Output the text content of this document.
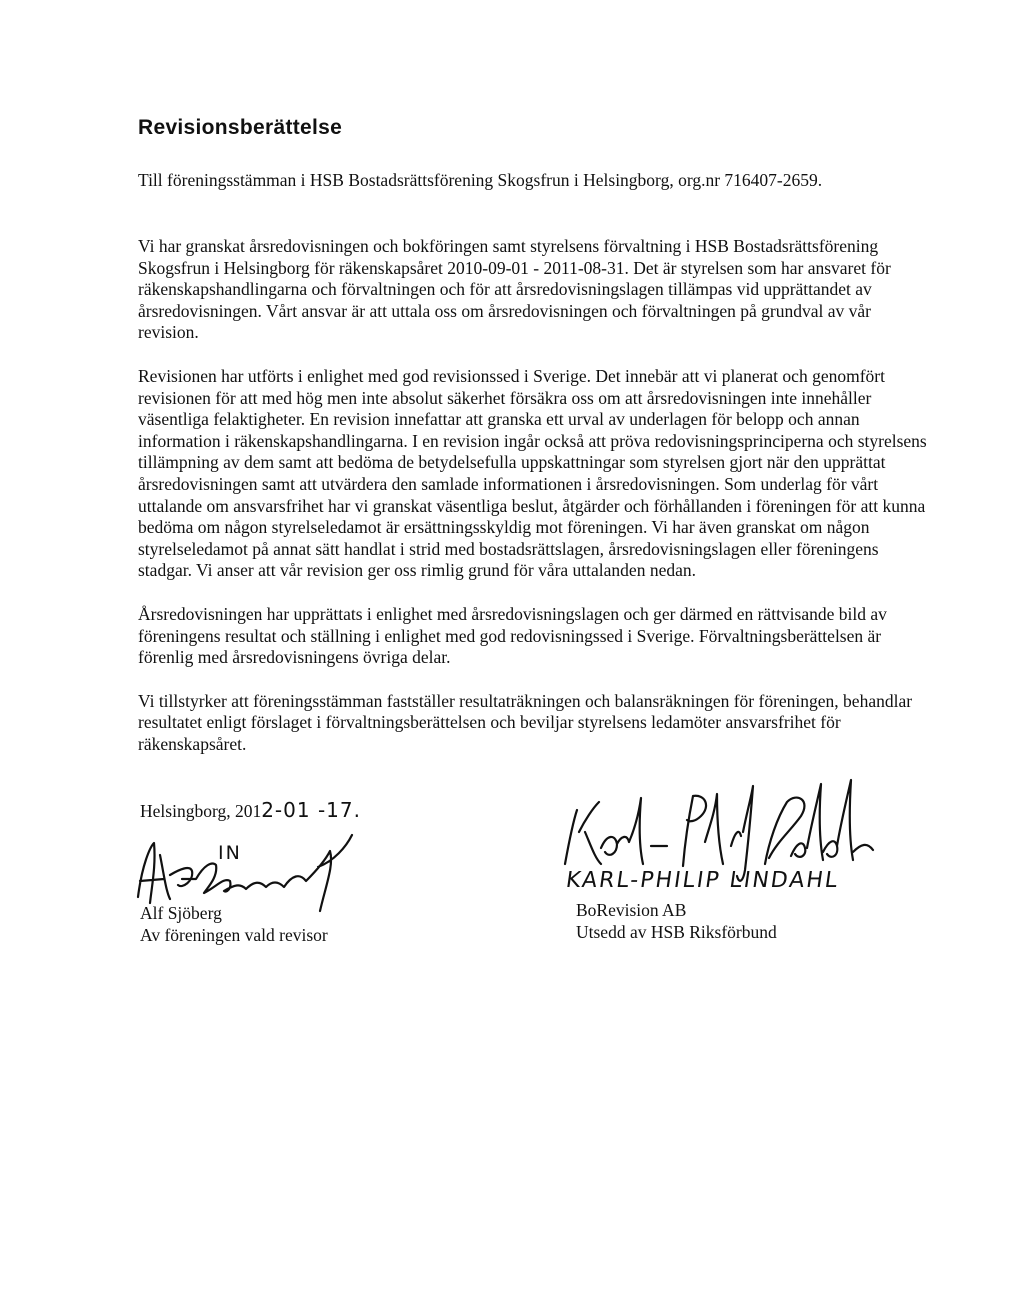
Revisionsberättelse
Till föreningsstämman i HSB Bostadsrättsförening Skogsfrun i Helsingborg, org.nr 716407-2659.

Vi har granskat årsredovisningen och bokföringen samt styrelsens förvaltning i HSB Bostadsrättsförening Skogsfrun i Helsingborg för räkenskapsåret 2010-09-01 - 2011-08-31. Det är styrelsen som har ansvaret för räkenskapshandlingarna och förvaltningen och för att årsredovisningslagen tillämpas vid upprättandet av årsredovisningen. Vårt ansvar är att uttala oss om årsredovisningen och förvaltningen på grundval av vår revision.

Revisionen har utförts i enlighet med god revisionssed i Sverige. Det innebär att vi planerat och genomfört revisionen för att med hög men inte absolut säkerhet försäkra oss om att årsredovisningen inte innehåller väsentliga felaktigheter. En revision innefattar att granska ett urval av underlagen för belopp och annan information i räkenskapshandlingarna. I en revision ingår också att pröva redovisningsprinciperna och styrelsens tillämpning av dem samt att bedöma de betydelsefulla uppskattningar som styrelsen gjort när den upprättat årsredovisningen samt att utvärdera den samlade informationen i årsredovisningen. Som underlag för vårt uttalande om ansvarsfrihet har vi granskat väsentliga beslut, åtgärder och förhållanden i föreningen för att kunna bedöma om någon styrelseledamot är ersättningsskyldig mot föreningen. Vi har även granskat om någon styrelseledamot på annat sätt handlat i strid med bostadsrättslagen, årsredovisningslagen eller föreningens stadgar. Vi anser att vår revision ger oss rimlig grund för våra uttalanden nedan.

Årsredovisningen har upprättats i enlighet med årsredovisningslagen och ger därmed en rättvisande bild av föreningens resultat och ställning i enlighet med god redovisningssed i Sverige. Förvaltningsberättelsen är förenlig med årsredovisningens övriga delar.

Vi tillstyrker att föreningsstämman fastställer resultaträkningen och balansräkningen för föreningen, behandlar resultatet enligt förslaget i förvaltningsberättelsen och beviljar styrelsens ledamöter ansvarsfrihet för räkenskapsåret.

Helsingborg, 2012-01 -17.
IN
Alf Sjöberg
Av föreningen vald revisor
KARL-PHILIP LINDAHL
BoRevision AB
Utsedd av HSB Riksförbund
